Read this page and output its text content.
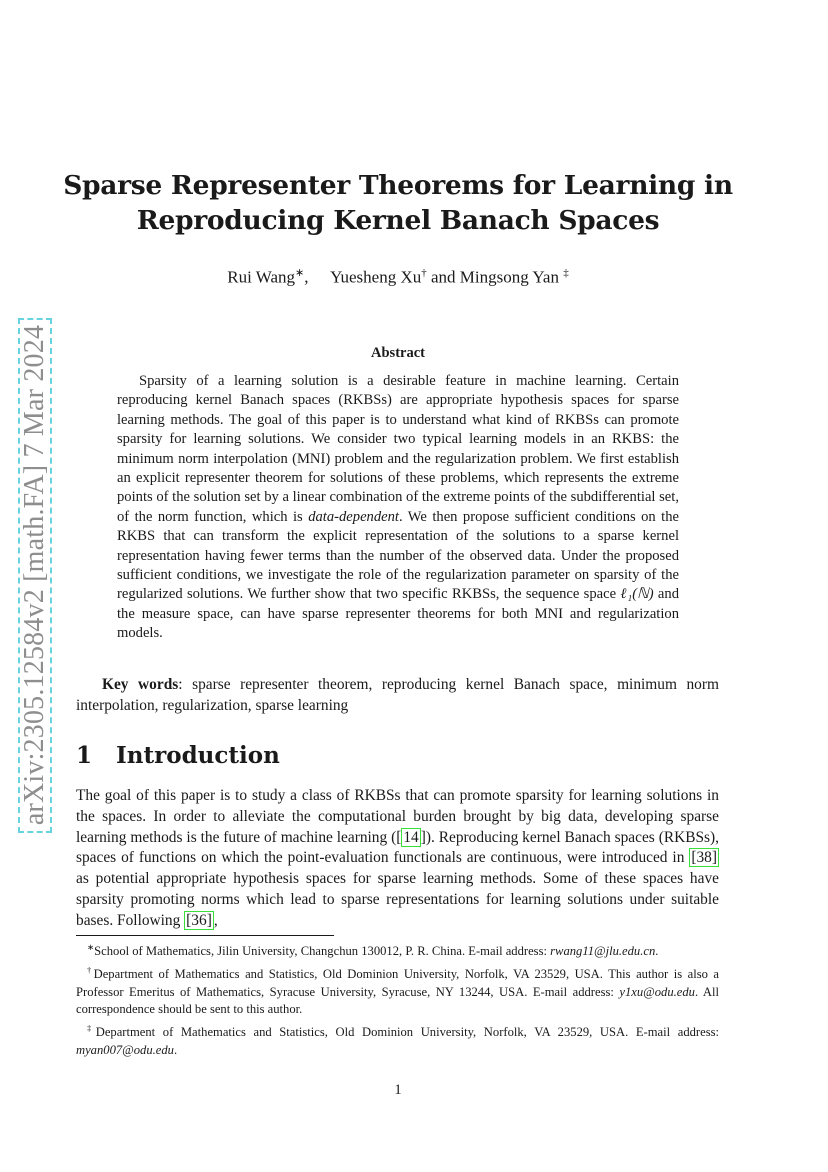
arXiv:2305.12584v2 [math.FA] 7 Mar 2024
Sparse Representer Theorems for Learning in
Reproducing Kernel Banach Spaces
Rui Wang∗, Yuesheng Xu† and Mingsong Yan ‡
Abstract
Sparsity of a learning solution is a desirable feature in machine learning. Certain reproducing kernel Banach spaces (RKBSs) are appropriate hypothesis spaces for sparse learning methods. The goal of this paper is to understand what kind of RKBSs can promote sparsity for learning solutions. We consider two typical learning models in an RKBS: the minimum norm interpolation (MNI) problem and the regularization problem. We first establish an explicit representer theorem for solutions of these problems, which represents the extreme points of the solution set by a linear combination of the extreme points of the subdifferential set, of the norm function, which is data-dependent. We then propose sufficient conditions on the RKBS that can transform the explicit representation of the solutions to a sparse kernel representation having fewer terms than the number of the observed data. Under the proposed sufficient conditions, we investigate the role of the regularization parameter on sparsity of the regularized solutions. We further show that two specific RKBSs, the sequence space ℓ₁(ℕ) and the measure space, can have sparse representer theorems for both MNI and regularization models.
Key words: sparse representer theorem, reproducing kernel Banach space, minimum norm interpolation, regularization, sparse learning
1 Introduction
The goal of this paper is to study a class of RKBSs that can promote sparsity for learning solutions in the spaces. In order to alleviate the computational burden brought by big data, developing sparse learning methods is the future of machine learning ([ 14 ]). Reproducing kernel Banach spaces (RKBSs), spaces of functions on which the point-evaluation functionals are continuous, were introduced in [38] as potential appropriate hypothesis spaces for sparse learning methods. Some of these spaces have sparsity promoting norms which lead to sparse representations for learning solutions under suitable bases. Following [36] ,

∗School of Mathematics, Jilin University, Changchun 130012, P. R. China. E-mail address: rwang11@jlu.edu.cn.

†Department of Mathematics and Statistics, Old Dominion University, Norfolk, VA 23529, USA. This author is also a Professor Emeritus of Mathematics, Syracuse University, Syracuse, NY 13244, USA. E-mail address: y1xu@odu.edu. All correspondence should be sent to this author.

‡Department of Mathematics and Statistics, Old Dominion University, Norfolk, VA 23529, USA. E-mail address: myan007@odu.edu.

1
